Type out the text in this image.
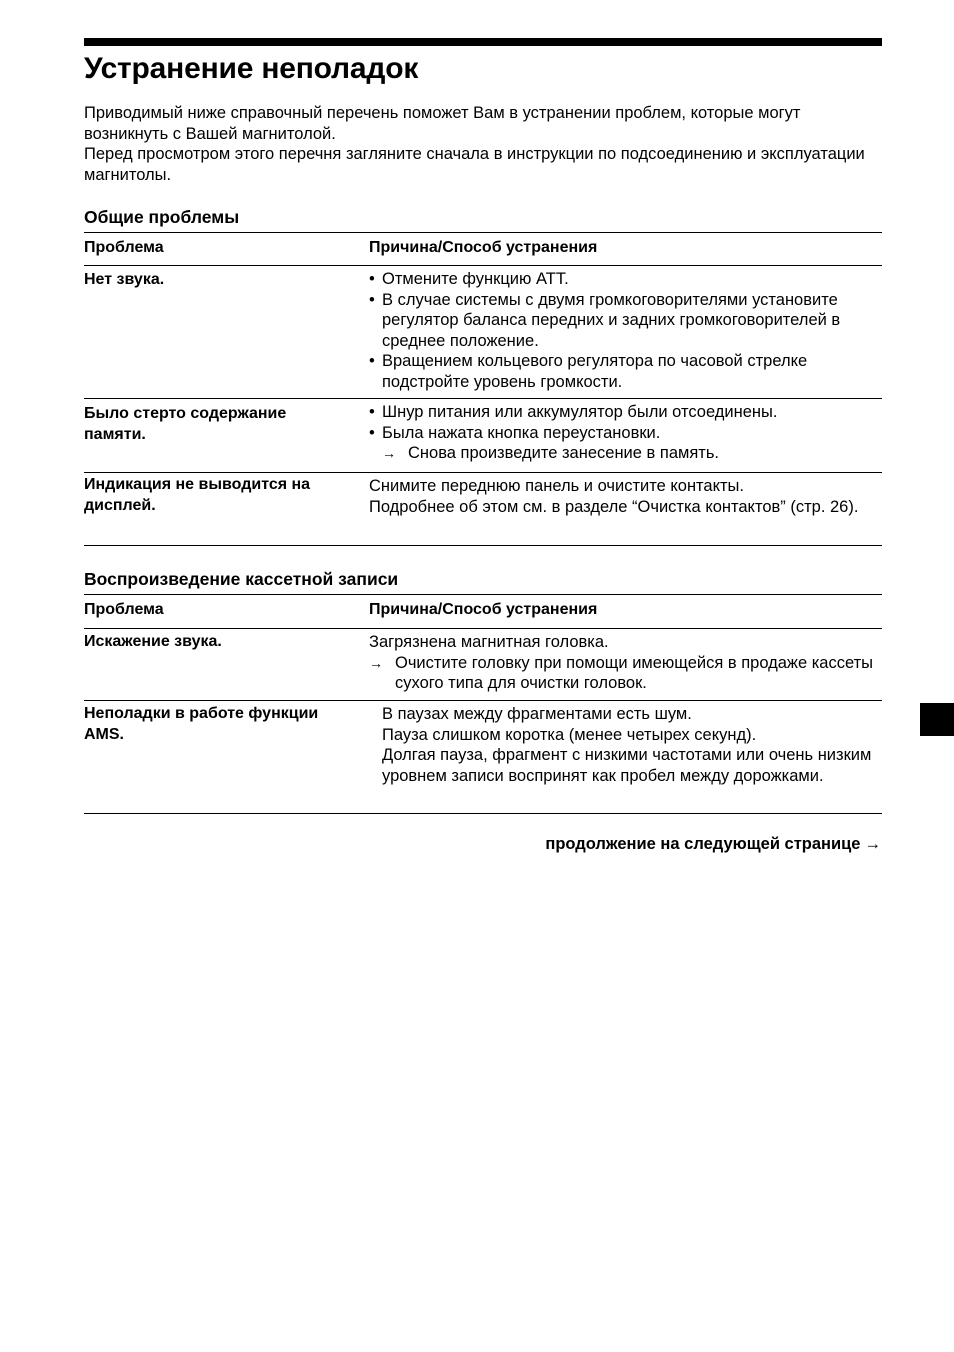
Устранение неполадок

Приводимый ниже справочный перечень поможет Вам в устранении проблем, которые могут возникнуть с Вашей магнитолой.

Перед просмотром этого перечня загляните сначала в инструкции по подсоединению и эксплуатации магнитолы.

Общие проблемы
Проблема	Причина/Способ устранения
Нет звука.
•	Отмените функцию ATT.
• В случае системы с двумя громкоговорителями установите регулятор баланса передних и задних громкоговорителей в среднее положение.
• Вращением кольцевого регулятора по часовой стрелке подстройте уровень громкости.
Было стерто содержание памяти.
• Шнур питания или аккумулятор были отсоединены.
• Была нажата кнопка переустановки.
→ Снова произведите занесение в память.
Индикация не выводится на дисплей.
Снимите переднюю панель и очистите контакты.
Подробнее об этом см. в разделе “Очистка контактов” (стр. 26).
Воспроизведение кассетной записи
Проблема	Причина/Способ устранения
Искажение звука.	Загрязнена магнитная головка.
→ Очистите головку при помощи имеющейся в продаже кассеты сухого типа для очистки головок.
Неполадки в работе функции AMS.
В паузах между фрагментами есть шум.
Пауза слишком коротка (менее четырех секунд).
Долгая пауза, фрагмент с низкими частотами или очень низким уровнем записи воспринят как пробел между дорожками.
продолжение на следующей странице →
